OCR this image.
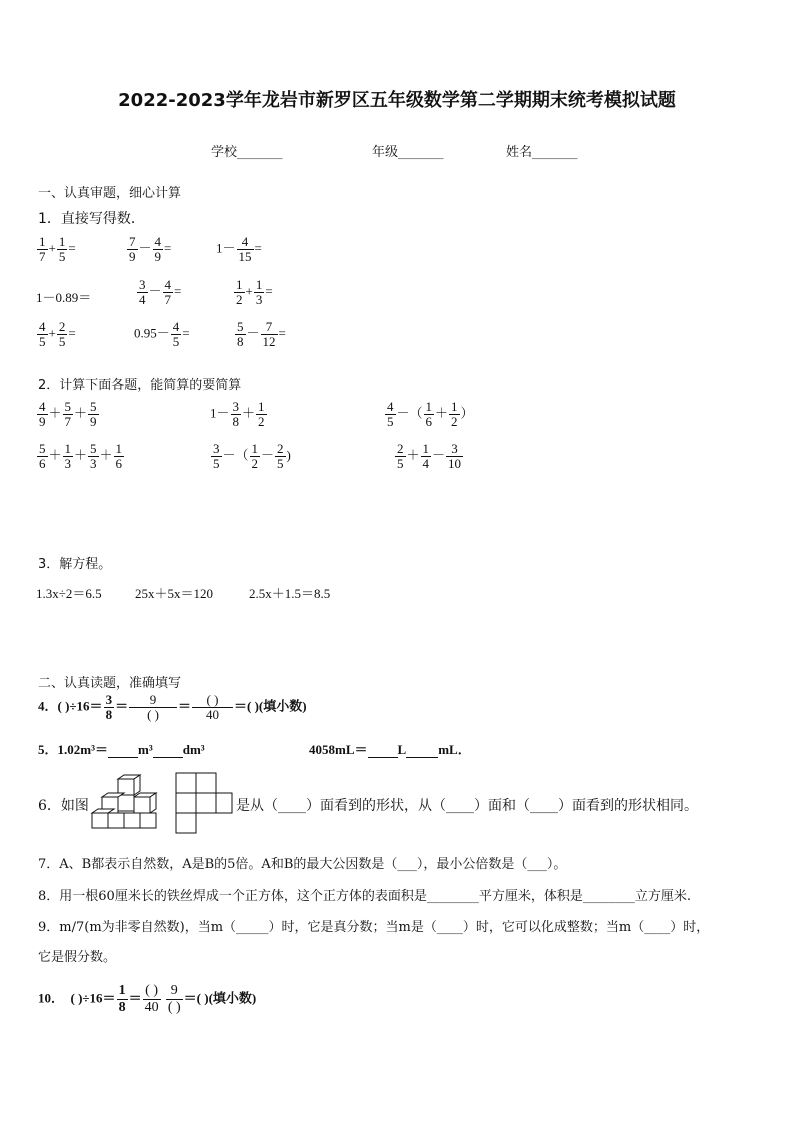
2022-2023学年龙岩市新罗区五年级数学第二学期期末统考模拟试题
学校_______	年级_______	姓名_______
一、认真审题，细心计算
1．直接写得数．
$\frac{1}{7} + \frac{1}{5}$ =	$\frac{7}{9} - \frac{4}{9}$ =	$1- \frac{4}{15}$ =
1－0.89＝	$\frac{3}{4} - \frac{4}{7}$ =	$\frac{1}{2} + \frac{1}{3}$ =
$\frac{4}{5} + \frac{2}{5}$ =	$0.95- \frac{4}{5}$ =	$\frac{5}{8} - \frac{7}{12}$ =
2．计算下面各题，能简算的要简算
$\frac{4}{9} + \frac{5}{7} + \frac{5}{9}$	$1- \frac{3}{8} + \frac{1}{2}$	$\frac{4}{5}$ －（ $\frac{1}{6} + \frac{1}{2}$ ）
$\frac{5}{6} + \frac{1}{3} + \frac{5}{3} + \frac{1}{6}$	$\frac{3}{5}$ －（ $\frac{1}{2} - \frac{2}{5}$ )	$\frac{2}{5} + \frac{1}{4} - \frac{3}{10}$
3．解方程。
1.3x÷2＝6.5	25x＋5x＝120	2.5x＋1.5＝8.5
二、认真读题，准确填写
4．( )$\div 16= \frac{3}{8} = \frac{9}{( )} = \frac{( )}{40}$ ＝( )(填小数)
5．1.02m³＝ m³ dm³	4058mL＝ L mL．
6．如图	是从（____）面看到的形状，从（____）面和（____）面看到的形状相同。
7．A、B都表示自然数，A是B的5倍。A和B的最大公因数是（___），最小公倍数是（___）。
8．用一根60厘米长的铁丝焊成一个正方体，这个正方体的表面积是________平方厘米，体积是________立方厘米.
9．m/7(m为非零自然数)，当m（_____）时，它是真分数；当m是（____）时，它可以化成整数；当m（____）时，
它是假分数。
10． ( )$\div 16= \frac{1}{8} = \frac{( )}{40}$
$\frac{9}{( )}$ ＝( )(填小数)
